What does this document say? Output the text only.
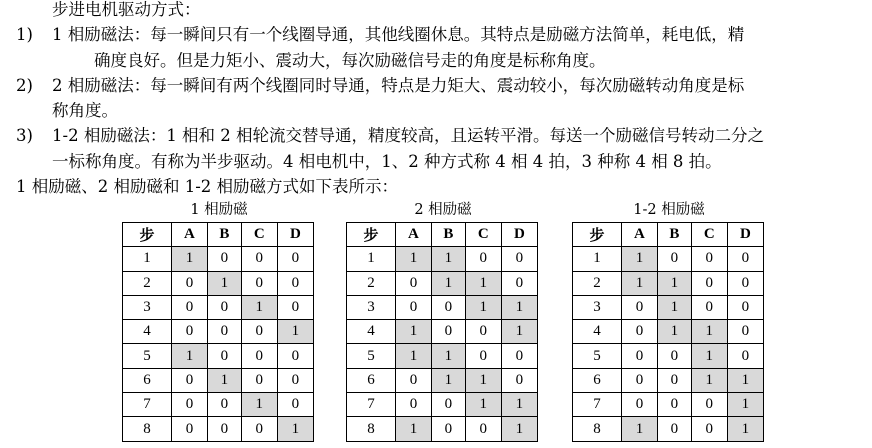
步进电机驱动方式：
1) 1 相励磁法：每一瞬间只有一个线圈导通，其他线圈休息。其特点是励磁方法简单，耗电低，精
确度良好。但是力矩小、震动大，每次励磁信号走的角度是标称角度。
2) 2 相励磁法：每一瞬间有两个线圈同时导通，特点是力矩大、震动较小，每次励磁转动角度是标
称角度。
3) 1-2 相励磁法：1 相和 2 相轮流交替导通，精度较高，且运转平滑。每送一个励磁信号转动二分之
一标称角度。有称为半步驱动。4 相电机中，1、2 种方式称 4 相 4 拍，3 种称 4 相 8 拍。
1 相励磁、2 相励磁和 1-2 相励磁方式如下表所示：
1 相励磁
步	A	B	C	D
1	1	0	0	0
2	0	1	0	0
3	0	0	1	0
4	0	0	0	1
5	1	0	0	0
6	0	1	0	0
7	0	0	1	0
8	0	0	0	1
2 相励磁
步	A	B	C	D
1	1	1	0	0
2	0	1	1	0
3	0	0	1	1
4	1	0	0	1
5	1	1	0	0
6	0	1	1	0
7	0	0	1	1
8	1	0	0	1
1-2 相励磁
步	A	B	C	D
1	1	0	0	0
2	1	1	0	0
3	0	1	0	0
4	0	1	1	0
5	0	0	1	0
6	0	0	1	1
7	0	0	0	1
8	1	0	0	1
